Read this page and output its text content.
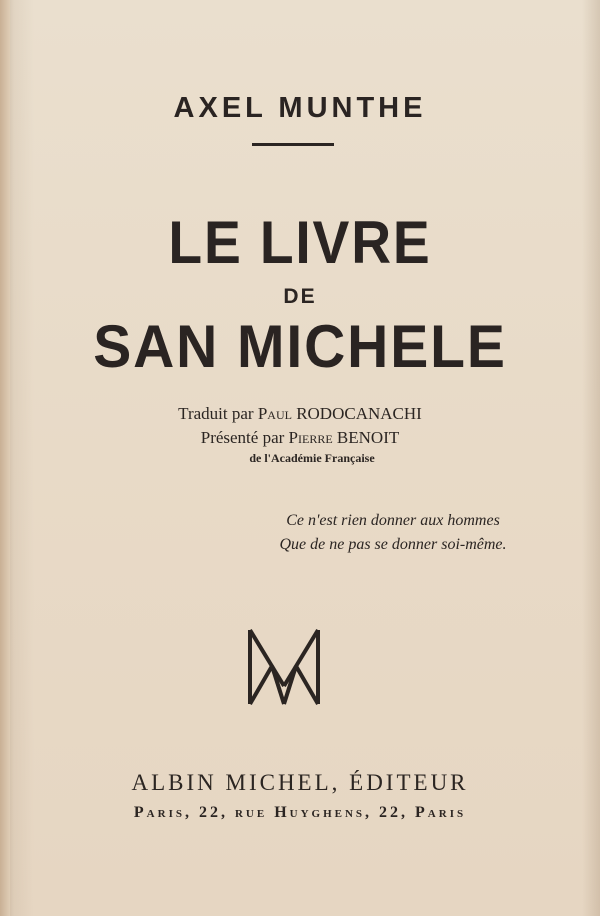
AXEL MUNTHE
LE LIVRE
DE
SAN MICHELE
Traduit par Paul RODOCANACHI
Présenté par Pierre BENOIT
de l'Académie Française
Ce n'est rien donner aux hommes
Que de ne pas se donner soi-même.
ALBIN MICHEL, ÉDITEUR
Paris, 22, rue Huyghens, 22, Paris
